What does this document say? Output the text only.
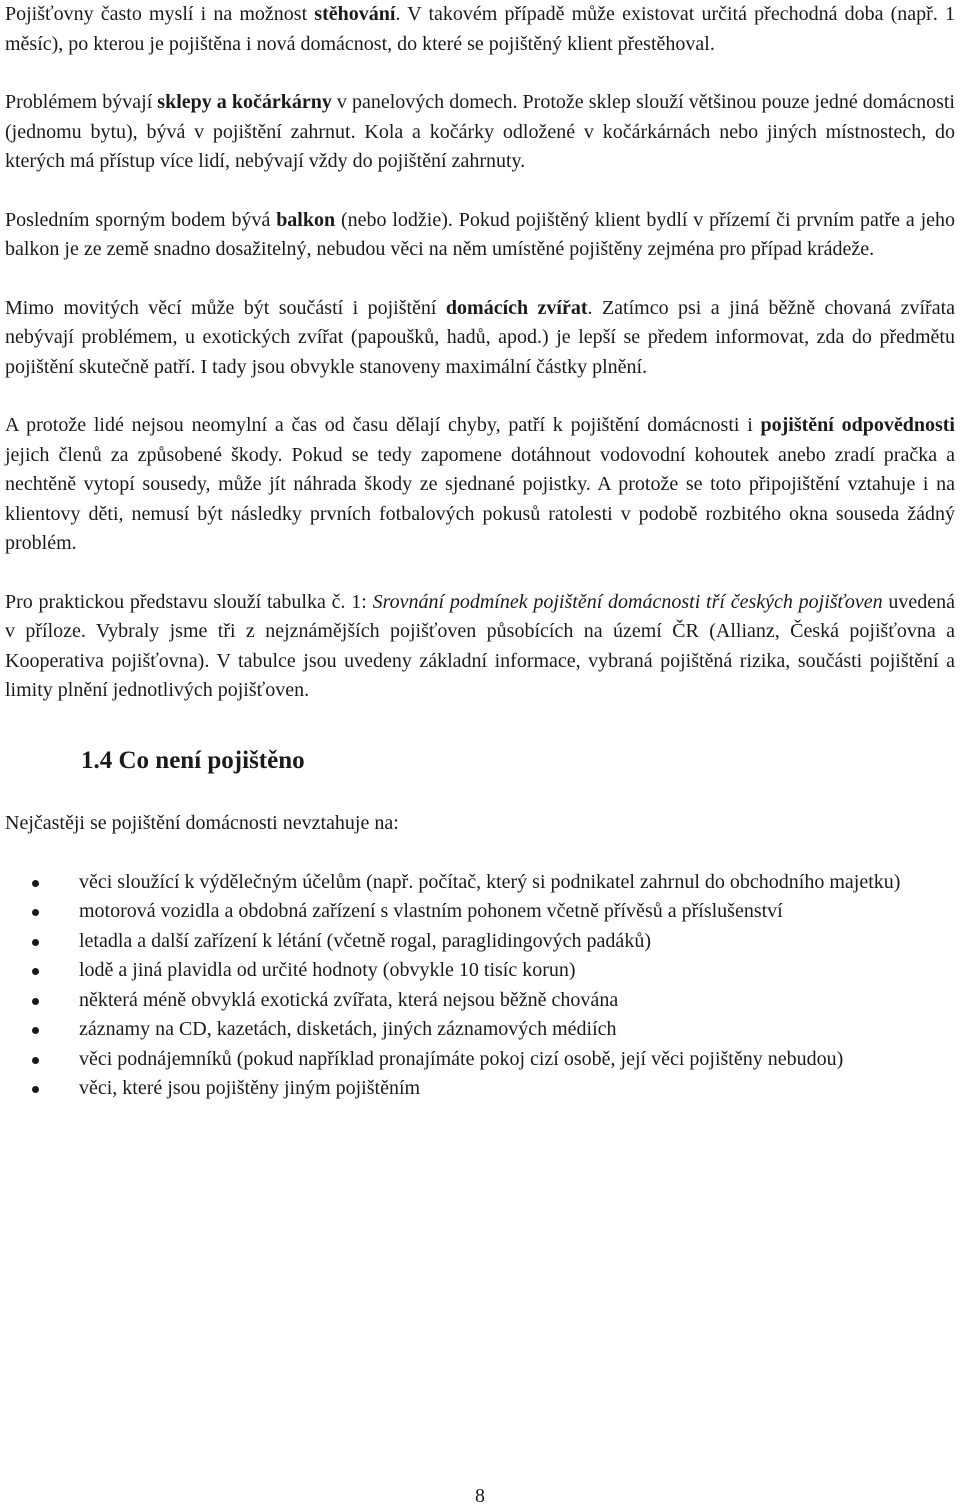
Pojišťovny často myslí i na možnost stěhování. V takovém případě může existovat určitá přechodná doba (např. 1 měsíc), po kterou je pojištěna i nová domácnost, do které se pojištěný klient přestěhoval.

Problémem bývají sklepy a kočárkárny v panelových domech. Protože sklep slouží většinou pouze jedné domácnosti (jednomu bytu), bývá v pojištění zahrnut. Kola a kočárky odložené v kočárkárnách nebo jiných místnostech, do kterých má přístup více lidí, nebývají vždy do pojištění zahrnuty.

Posledním sporným bodem bývá balkon (nebo lodžie). Pokud pojištěný klient bydlí v přízemí či prvním patře a jeho balkon je ze země snadno dosažitelný, nebudou věci na něm umístěné pojištěny zejména pro případ krádeže.

Mimo movitých věcí může být součástí i pojištění domácích zvířat. Zatímco psi a jiná běžně chovaná zvířata nebývají problémem, u exotických zvířat (papoušků, hadů, apod.) je lepší se předem informovat, zda do předmětu pojištění skutečně patří. I tady jsou obvykle stanoveny maximální částky plnění.

A protože lidé nejsou neomylní a čas od času dělají chyby, patří k pojištění domácnosti i pojištění odpovědnosti jejich členů za způsobené škody. Pokud se tedy zapomene dotáhnout vodovodní kohoutek anebo zradí pračka a nechtěně vytopí sousedy, může jít náhrada škody ze sjednané pojistky. A protože se toto připojištění vztahuje i na klientovy děti, nemusí být následky prvních fotbalových pokusů ratolesti v podobě rozbitého okna souseda žádný problém.

Pro praktickou představu slouží tabulka č. 1: Srovnání podmínek pojištění domácnosti tří českých pojišťoven uvedená v příloze. Vybraly jsme tři z nejznámějších pojišťoven působících na území ČR (Allianz, Česká pojišťovna a Kooperativa pojišťovna). V tabulce jsou uvedeny základní informace, vybraná pojištěná rizika, součásti pojištění a limity plnění jednotlivých pojišťoven.

1.4 Co není pojištěno

Nejčastěji se pojištění domácnosti nevztahuje na:

věci sloužící k výdělečným účelům (např. počítač, který si podnikatel zahrnul do obchodního majetku)
motorová vozidla a obdobná zařízení s vlastním pohonem včetně přívěsů a příslušenství
letadla a další zařízení k létání (včetně rogal, paraglidingových padáků)
lodě a jiná plavidla od určité hodnoty (obvykle 10 tisíc korun)
některá méně obvyklá exotická zvířata, která nejsou běžně chována
záznamy na CD, kazetách, disketách, jiných záznamových médiích
věci podnájemníků (pokud například pronajímáte pokoj cizí osobě, její věci pojištěny nebudou)
věci, které jsou pojištěny jiným pojištěním
8
